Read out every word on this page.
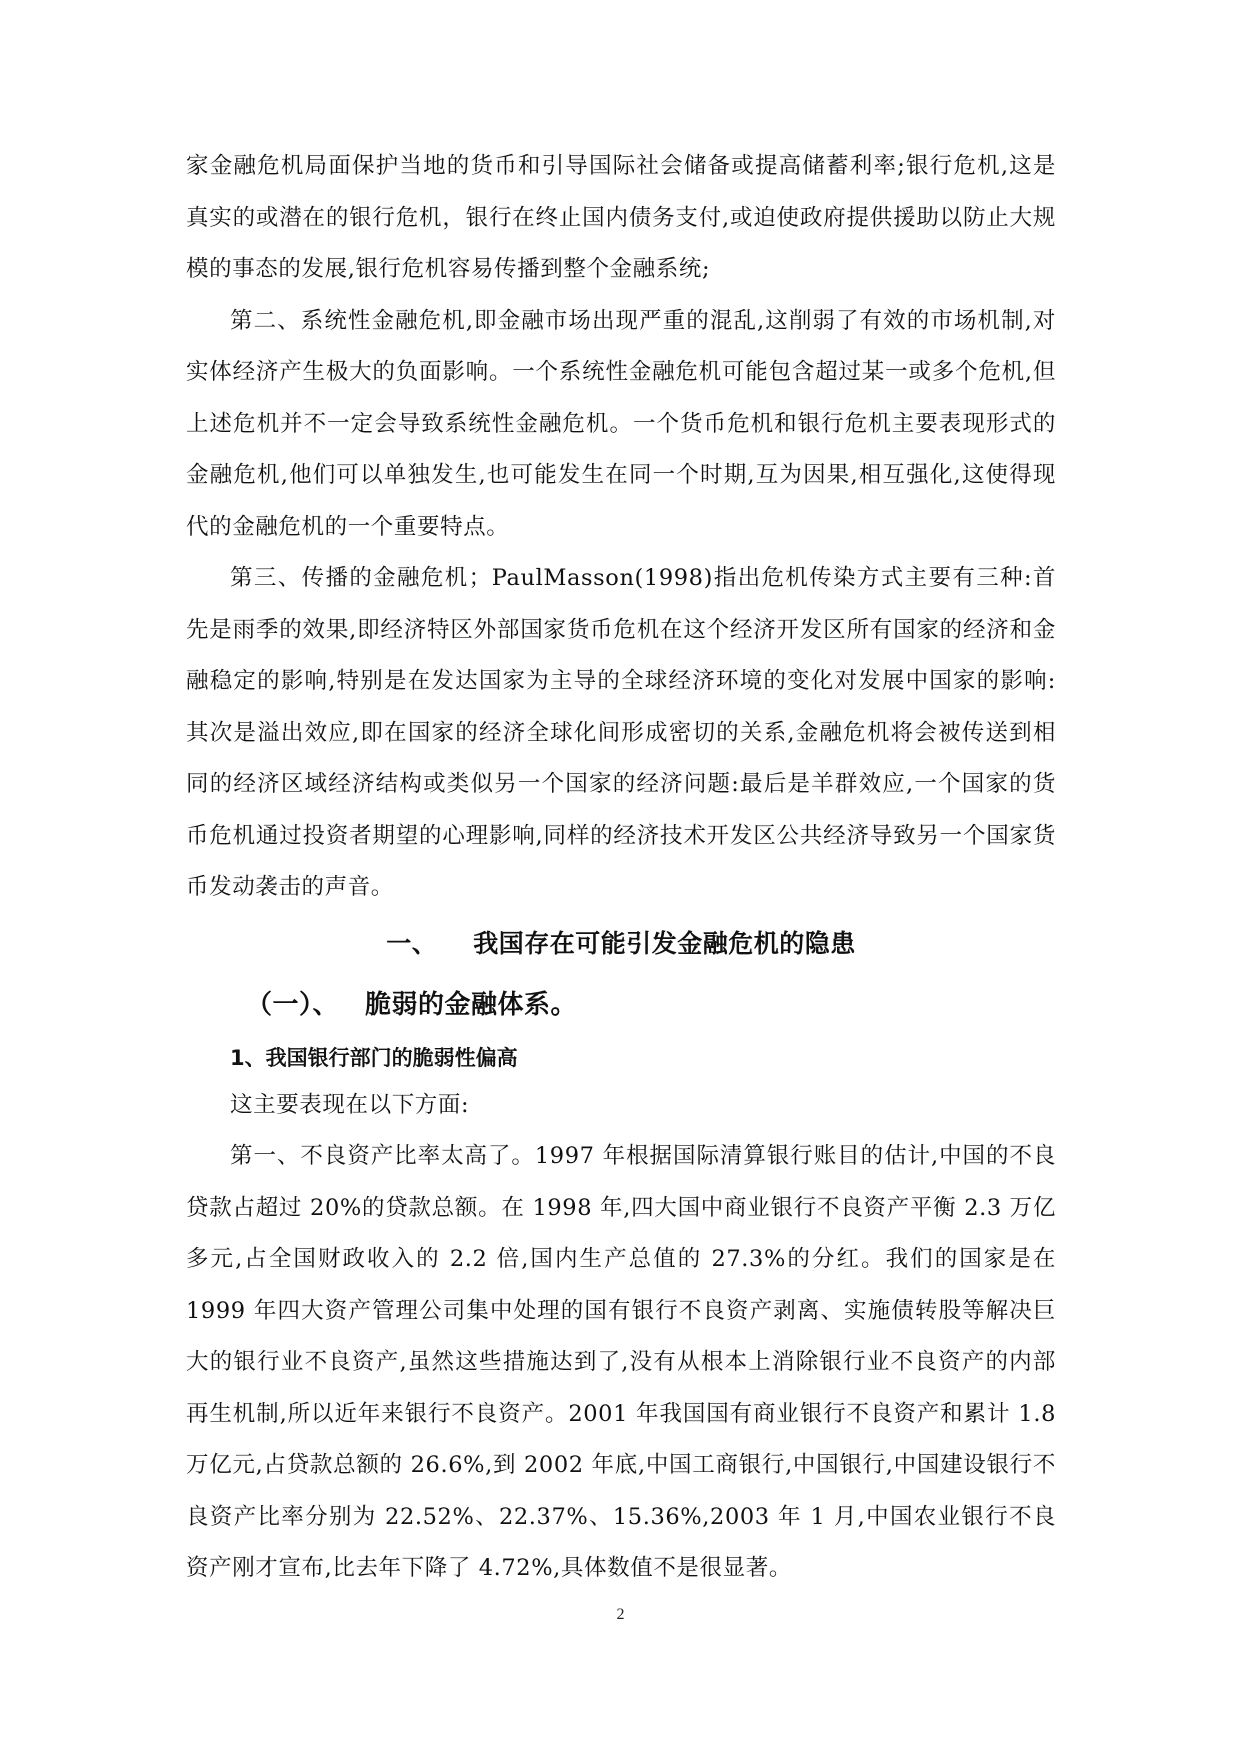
家金融危机局面保护当地的货币和引导国际社会储备或提高储蓄利率;银行危机,这是真实的或潜在的银行危机，银行在终止国内债务支付,或迫使政府提供援助以防止大规模的事态的发展,银行危机容易传播到整个金融系统;

第二、系统性金融危机,即金融市场出现严重的混乱,这削弱了有效的市场机制,对实体经济产生极大的负面影响。一个系统性金融危机可能包含超过某一或多个危机,但上述危机并不一定会导致系统性金融危机。一个货币危机和银行危机主要表现形式的金融危机,他们可以单独发生,也可能发生在同一个时期,互为因果,相互强化,这使得现代的金融危机的一个重要特点。

第三、传播的金融危机；PaulMasson(1998)指出危机传染方式主要有三种:首先是雨季的效果,即经济特区外部国家货币危机在这个经济开发区所有国家的经济和金融稳定的影响,特别是在发达国家为主导的全球经济环境的变化对发展中国家的影响:其次是溢出效应,即在国家的经济全球化间形成密切的关系,金融危机将会被传送到相同的经济区域经济结构或类似另一个国家的经济问题:最后是羊群效应,一个国家的货币危机通过投资者期望的心理影响,同样的经济技术开发区公共经济导致另一个国家货币发动袭击的声音。

一、 我国存在可能引发金融危机的隐患
（一）、 脆弱的金融体系。
1、我国银行部门的脆弱性偏高

这主要表现在以下方面:

第一、不良资产比率太高了。1997 年根据国际清算银行账目的估计,中国的不良贷款占超过 20%的贷款总额。在 1998 年,四大国中商业银行不良资产平衡 2.3 万亿多元,占全国财政收入的 2.2 倍,国内生产总值的 27.3%的分红。我们的国家是在 1999 年四大资产管理公司集中处理的国有银行不良资产剥离、实施债转股等解决巨大的银行业不良资产,虽然这些措施达到了,没有从根本上消除银行业不良资产的内部再生机制,所以近年来银行不良资产。2001 年我国国有商业银行不良资产和累计 1.8 万亿元,占贷款总额的 26.6%,到 2002 年底,中国工商银行,中国银行,中国建设银行不良资产比率分别为 22.52%、22.37%、15.36%,2003 年 1 月,中国农业银行不良资产刚才宣布,比去年下降了 4.72%,具体数值不是很显著。

2
